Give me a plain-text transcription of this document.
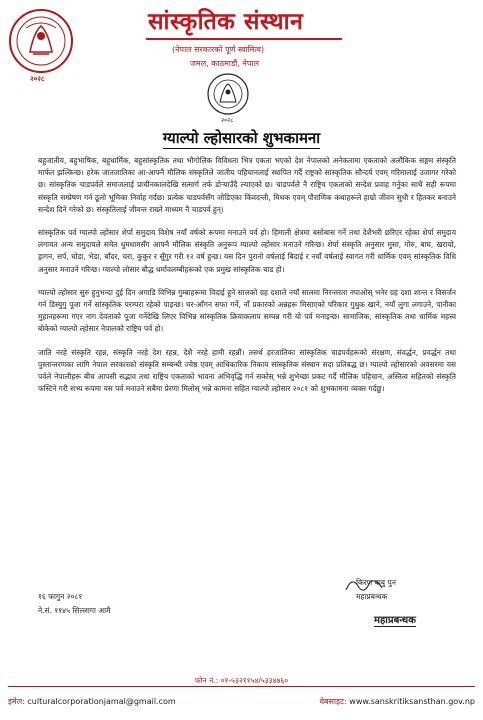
२०२८
सांस्कृतिक संस्थान
(नेपाल सरकारको पूर्ण स्वामित्व)
जमल, काठमाडौं, नेपाल
२०२८
ग्याल्पो ल्होसारको शुभकामना

बहुजातीय, बहुभाषिक, बहुधार्मिक, बहुसांस्कृतिक तथा भौगोलिक विविधता भित्र एकता भएको देश नेपालको अनेकतामा एकताको अलौकिक सङ्गम संस्कृति मार्फत झल्किन्छ। हरेक जातजातिका आ-आफ्नै मौलिक संस्कृतिले जातीय पहिचानलाई स्थापित गर्दै राष्ट्रको सांस्कृतिक सौन्दर्य एवम् गरिमालाई उजागर गरेको छ। सांस्कृतिक चाडपर्वले समाजलाई प्राचीनकालदेखि सत्मार्ग तर्फ डोऱ्याउँदै ल्याएको छ। चाडपर्वले नै राष्ट्रिय एकताको सन्देश प्रवाह गर्नुका साथै सही रूपमा संस्कृति सम्प्रेषण गर्न ठूलो भूमिका निर्वाह गर्दछ। प्रत्येक चाडपर्वसँग जोडिएका किंवदन्ती, मिथक एवम् पौराणिक कथाहरूले हाम्रो जीवन सुधी र हितकर बनाउने सन्देश दिने गरेको छ। संस्कृतिलाई जीवन्त राख्ने माध्यम नै चाडपर्व हुन्।

सांस्कृतिक पर्व ग्याल्पो ल्होसार शेर्पा समुदाय विशेष नयाँ वर्षको रूपमा मनाउने पर्व हो। हिमाली क्षेत्रमा बसोबास गर्ने तथा देशैभरी छरिएर रहेका शेर्पा समुदाय लगायत अन्य समुदायले समेत धुमधामसँग आफ्नै मौलिक संस्कृति अनुरूप ग्याल्पो ल्होसार मनाउने गरिन्छ। शेर्पा संस्कृति अनुसार मुसा, गोरु, बाघ, खरायो, ड्रागन, सर्प, घोडा, भेडा, बाँदर, चरा, कुकुर र सुँगुर गरी १२ वर्ष हुन्छ। यस दिन पुरानो वर्षलाई बिदाई र नयाँ वर्षलाई स्वागत गरी धार्मिक एवम् सांस्कृतिक विधि अनुसार मनाउने गरिन्छ। ग्याल्पो लोसार बौद्ध धर्मावलम्बीहरूको एक प्रमुख सांस्कृतिक चाड हो।

ग्याल्पो ल्होसार सुरु हुनुभन्दा दुई दिन अगाडि विभिन्न गुम्बाहरूमा विदाई हुने सालको ग्रह दशाले नयाँ सालमा निरन्तरता नपाओस् भनेर ग्रह दशा शान्त र विसर्जन गर्न डिस्युगु पूजा गर्ने सांस्कृतिक परम्परा रहेको पाइन्छ। घर-आँगन सफा गर्ने, नाँ प्रकारको अन्नहरू मिसाएको परिकार गुथुक खाने, नयाँ लुगा लगाउने, पानीका मुहानहरूमा गएर नाग देवताको पूजा गर्नेदेखि लिएर विभिन्न सांस्कृतिक क्रियाकलाप सम्पन्न गरी यो पर्व मनाइन्छ। सामाजिक, सांस्कृतिक तथा धार्मिक महत्त्व बोकेको ग्याल्पो ल्होसार नेपालको राष्ट्रिय पर्व हो।

जाति नरहे संस्कृति रहन्न, संस्कृति नरहे देश रहन्न, देशै नरहे हामी रहन्नौं। तसर्थ हरजातिका सांस्कृतिक चाडपर्वहरूको संरक्षण, संवर्द्धन, प्रवर्द्धन तथा पुस्तान्तरणका लागि नेपाल सरकारको संस्कृति सम्बन्धी ज्येष्ठ एवम् आधिकारिक निकाय सांस्कृतिक संस्थान सदा प्रतिबद्ध छ। ग्याल्पो ल्होसारको अवसरमा यस पर्वले नेपालीहरू बीच आपसी सद्भाव तथा राष्ट्रिय एकताको भावना अभिवृद्धि गर्न सकोस् भन्ने शुभेच्छा प्रकट गर्दै मौलिक पहिचान, अस्तित्व सहितको संस्कृति फस्टिने गरी सभ्य रूपमा यस पर्व मनाउने सबैमा प्रेरणा मिलोस् भन्ने कामना सहित ग्याल्पो ल्होसार २०८१ को शुभकामना व्यक्त गर्दछु।

१६ फागुन २०८१
ने.सं. ११४५ सिल्लागा आमै
किरण बाबु पुन
महाप्रबन्धक
महाप्रबन्धक
फोन नं.: ०१-५३२११५४/५३३४७६०
इमेल: culturalcorporationjamal@gmail.com	वेबसाइट: www.sanskritiksansthan.gov.np
